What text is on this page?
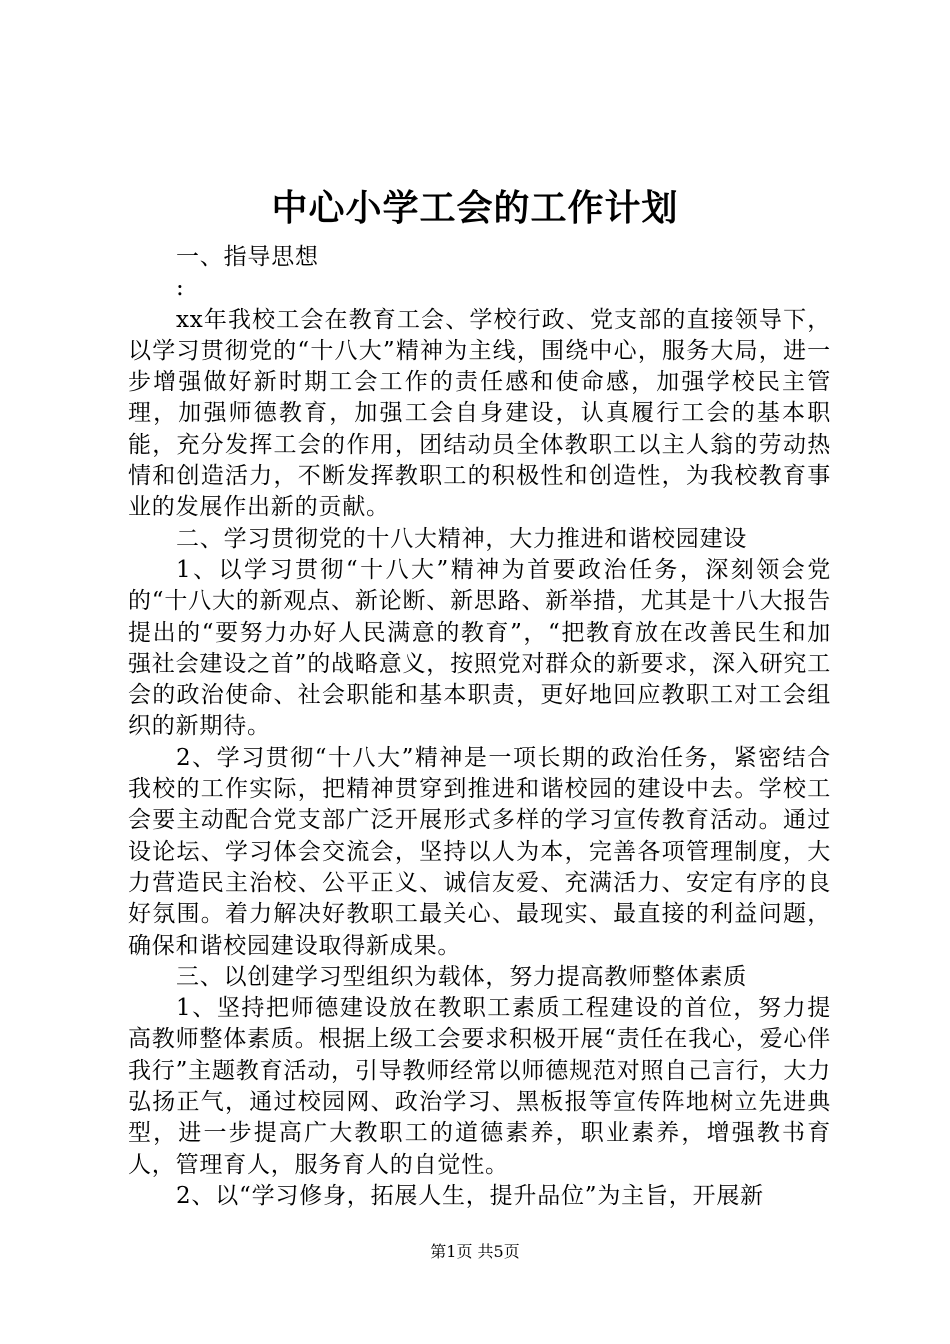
中心小学工会的工作计划

一、指导思想

:

xx年我校工会在教育工会、学校行政、党支部的直接领导下，以学习贯彻党的“十八大”精神为主线，围绕中心，服务大局，进一步增强做好新时期工会工作的责任感和使命感，加强学校民主管理，加强师德教育，加强工会自身建设，认真履行工会的基本职能，充分发挥工会的作用，团结动员全体教职工以主人翁的劳动热情和创造活力，不断发挥教职工的积极性和创造性，为我校教育事业的发展作出新的贡献。

二、学习贯彻党的十八大精神，大力推进和谐校园建设

1、以学习贯彻“十八大”精神为首要政治任务，深刻领会党的“十八大的新观点、新论断、新思路、新举措，尤其是十八大报告提出的“要努力办好人民满意的教育”，“把教育放在改善民生和加强社会建设之首”的战略意义，按照党对群众的新要求，深入研究工会的政治使命、社会职能和基本职责，更好地回应教职工对工会组织的新期待。

2、学习贯彻“十八大”精神是一项长期的政治任务，紧密结合我校的工作实际，把精神贯穿到推进和谐校园的建设中去。学校工会要主动配合党支部广泛开展形式多样的学习宣传教育活动。通过设论坛、学习体会交流会，坚持以人为本，完善各项管理制度，大力营造民主治校、公平正义、诚信友爱、充满活力、安定有序的良好氛围。着力解决好教职工最关心、最现实、最直接的利益问题，确保和谐校园建设取得新成果。

三、以创建学习型组织为载体，努力提高教师整体素质

1、坚持把师德建设放在教职工素质工程建设的首位，努力提高教师整体素质。根据上级工会要求积极开展“责任在我心，爱心伴我行”主题教育活动，引导教师经常以师德规范对照自己言行，大力弘扬正气，通过校园网、政治学习、黑板报等宣传阵地树立先进典型，进一步提高广大教职工的道德素养，职业素养，增强教书育人，管理育人，服务育人的自觉性。

2、以“学习修身，拓展人生，提升品位”为主旨，开展新

第1页 共5页
